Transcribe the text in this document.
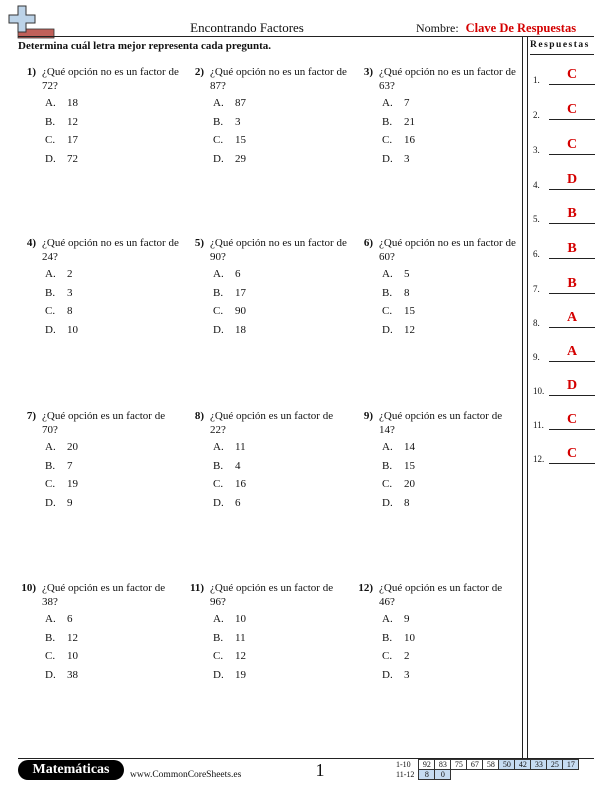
Encontrando Factores	Nombre: Clave De Respuestas
Determina cuál letra mejor representa cada pregunta.	Respuestas
1.	C
2.	C
3.	C
4.	D
5.	B
6.	B
7.	B
8.	A
9.	A
10.	D
11.	C
12.	C
1) ¿Qué opción no es un factor de 72?
A. 18
B. 12
C. 17
D. 72
2) ¿Qué opción no es un factor de 87?
A. 87
B. 3
C. 15
D. 29
3) ¿Qué opción no es un factor de 63?
A. 7
B. 21
C. 16
D. 3
4) ¿Qué opción no es un factor de 24?
A. 2
B. 3
C. 8
D. 10
5) ¿Qué opción no es un factor de 90?
A. 6
B. 17
C. 90
D. 18
6) ¿Qué opción no es un factor de 60?
A. 5
B. 8
C. 15
D. 12
7) ¿Qué opción es un factor de 70?
A. 20
B. 7
C. 19
D. 9
8) ¿Qué opción es un factor de 22?
A. 11
B. 4
C. 16
D. 6
9) ¿Qué opción es un factor de 14?
A. 14
B. 15
C. 20
D. 8
10) ¿Qué opción es un factor de 38?
A. 6
B. 12
C. 10
D. 38
11) ¿Qué opción es un factor de 96?
A. 10
B. 11
C. 12
D. 19
12) ¿Qué opción es un factor de 46?
A. 9
B. 10
C. 2
D. 3
Matemáticas	www.CommonCoreSheets.es	1	1-10	92	83	75	67	58	50	42	33	25	17
11-12	8	0								
